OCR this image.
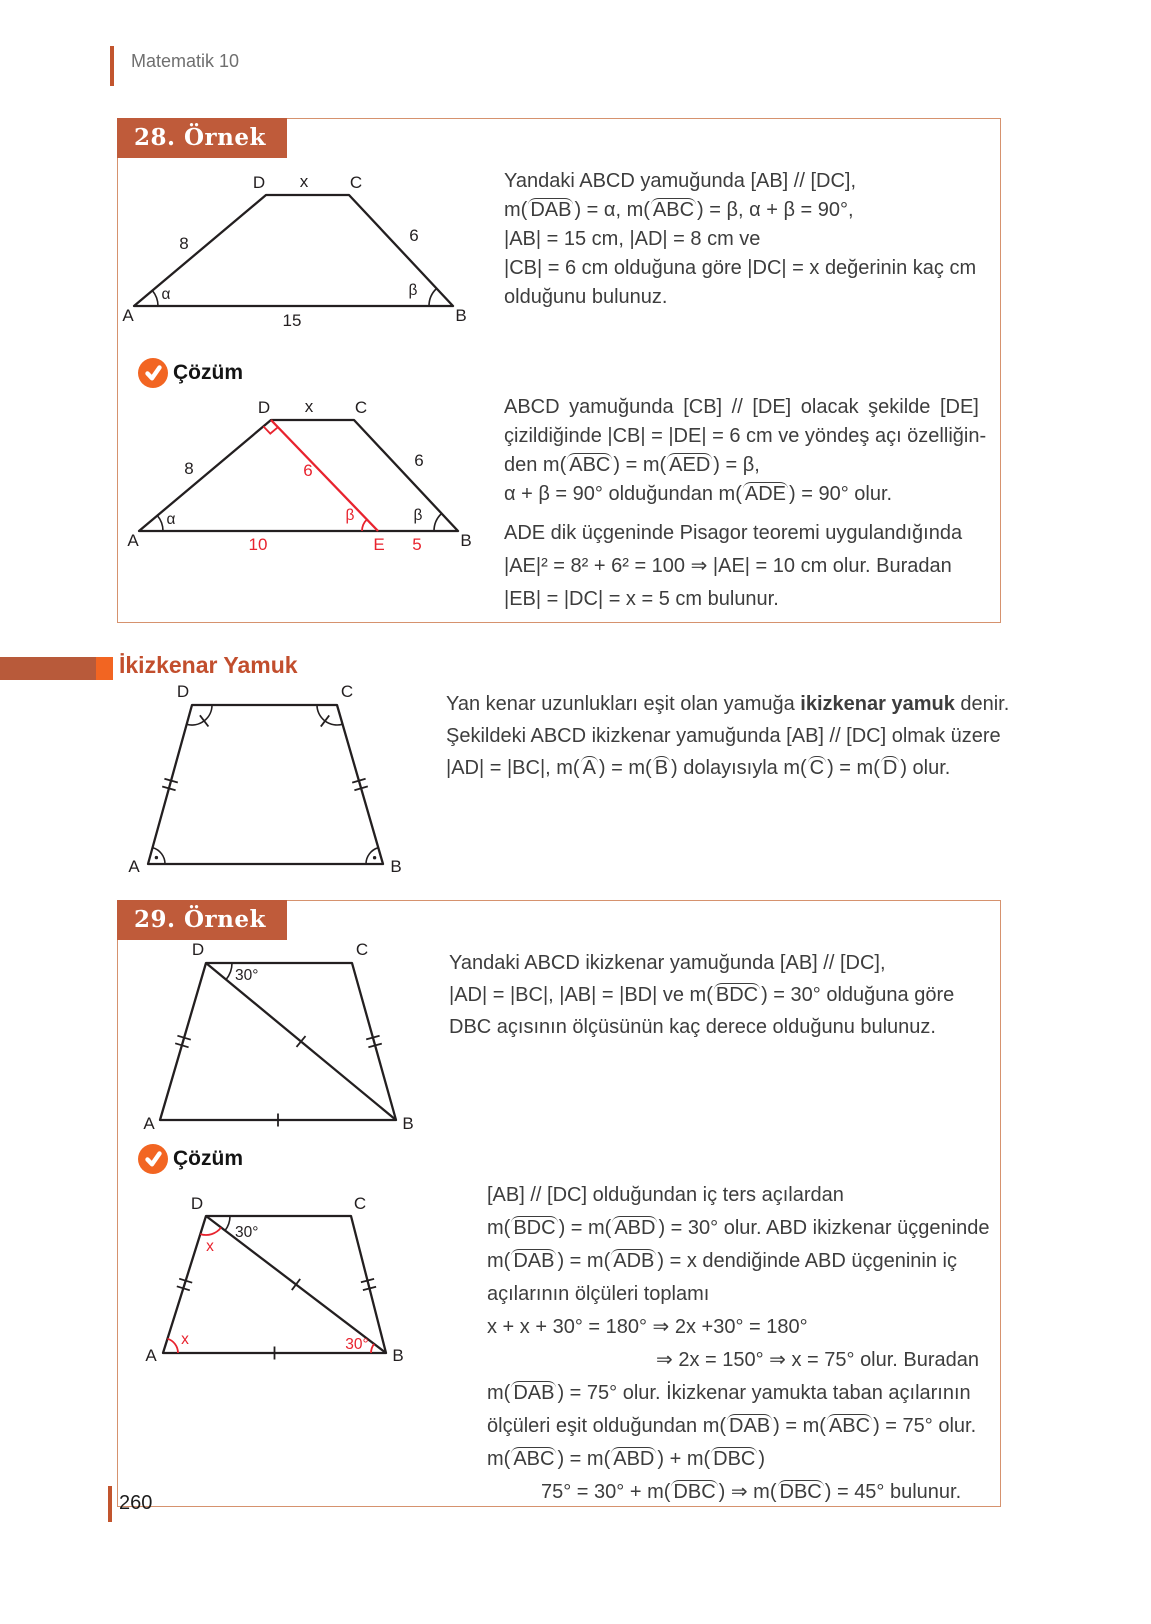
Matematik 10
28. Örnek
D x C
8	6
15
α	β
A	B
Yandaki ABCD yamuğunda [AB] // [DC],
m( DAB ) = α, m( ABC ) = β, α + β = 90°,
|AB| = 15 cm, |AD| = 8 cm ve
|CB| = 6 cm olduğuna göre |DC| = x değerinin kaç cm
olduğunu bulunuz.
Çözüm
D x C
8	6
6
α	β	β
10	E 5
A	B
ABCD yamuğunda [CB] // [DE] olacak şekilde [DE]
çizildiğinde |CB| = |DE| = 6 cm ve yöndeş açı özelliğin-
den m( ABC ) = m( AED ) = β,
α + β = 90° olduğundan m( ADE ) = 90° olur.
ADE dik üçgeninde Pisagor teoremi uygulandığında
|AE|² = 8² + 6² = 100 ⇒ |AE| = 10 cm olur. Buradan
|EB| = |DC| = x = 5 cm bulunur.
İkizkenar Yamuk
D	C
A	B
Yan kenar uzunlukları eşit olan yamuğa ikizkenar yamuk denir.
Şekildeki ABCD ikizkenar yamuğunda [AB] // [DC] olmak üzere
|AD| = |BC|, m( A ) = m( B ) dolayısıyla m( C ) = m( D ) olur.
29. Örnek
30°
D	C
A	B
Yandaki ABCD ikizkenar yamuğunda [AB] // [DC],
|AD| = |BC|, |AB| = |BD| ve m( BDC ) = 30° olduğuna göre
DBC açısının ölçüsünün kaç derece olduğunu bulunuz.
Çözüm
30°
x
x	30°
D	C
A	B
[AB] // [DC] olduğundan iç ters açılardan
m( BDC ) = m( ABD ) = 30° olur. ABD ikizkenar üçgeninde
m( DAB ) = m( ADB ) = x dendiğinde ABD üçgeninin iç
açılarının ölçüleri toplamı
x + x + 30° = 180° ⇒ 2x +30° = 180°
⇒ 2x = 150° ⇒ x = 75° olur. Buradan
m( DAB ) = 75° olur. İkizkenar yamukta taban açılarının
ölçüleri eşit olduğundan m( DAB ) = m( ABC ) = 75° olur.
m( ABC ) = m( ABD ) + m( DBC )
75° = 30° + m( DBC ) ⇒ m( DBC ) = 45° bulunur.
260
